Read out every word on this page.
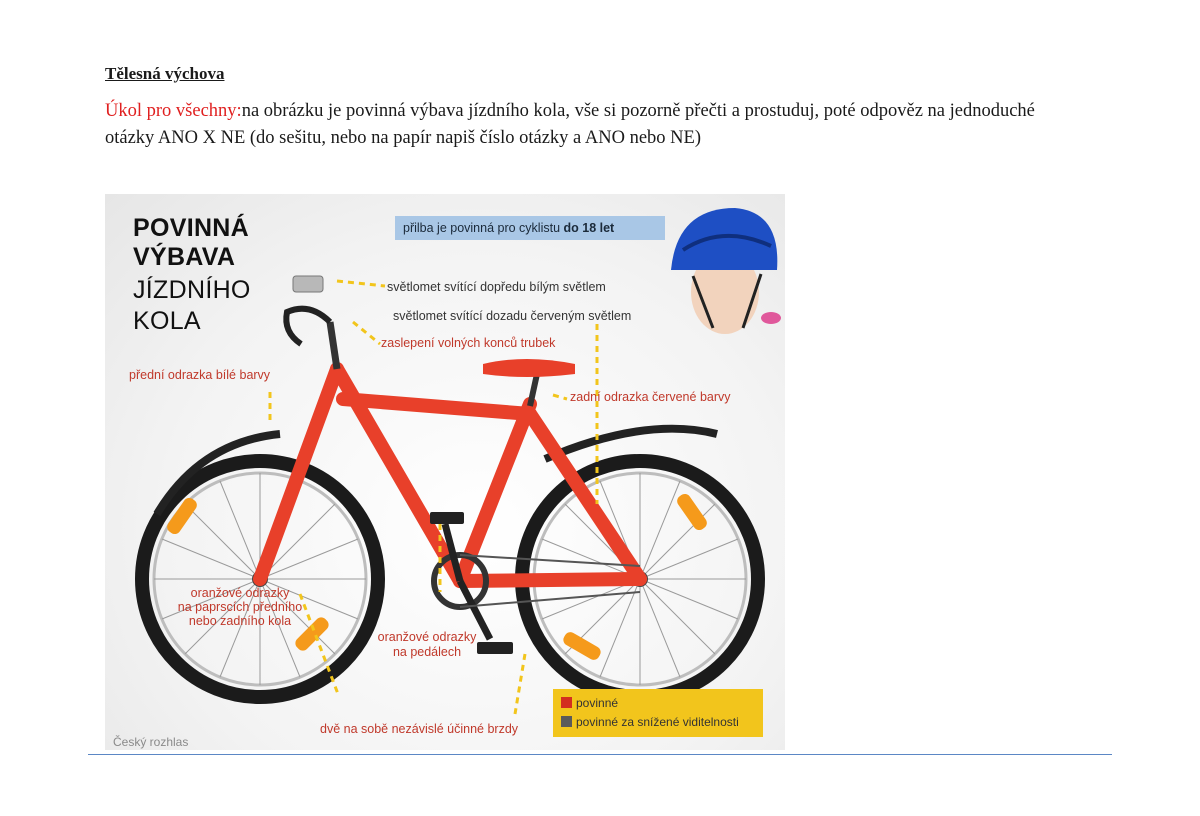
Tělesná výchova
Úkol pro všechny:na obrázku je povinná výbava jízdního kola, vše si pozorně přečti a prostuduj, poté odpověz na jednoduché otázky ANO X NE (do sešitu, nebo na papír napiš číslo otázky a ANO nebo NE)
přilba je povinná pro cyklistu do 18 let
POVINNÁ
VÝBAVA
JÍZDNÍHO
KOLA
světlomet svítící dopředu bílým světlem
světlomet svítící dozadu červeným světlem
zaslepení volných konců trubek
přední odrazka bílé barvy
zadní odrazka červené barvy
oranžové odrazky
na paprscích předního
nebo zadního kola
oranžové odrazky
na pedálech
dvě na sobě nezávislé účinné brzdy
povinné
povinné za snížené viditelnosti
Český rozhlas
